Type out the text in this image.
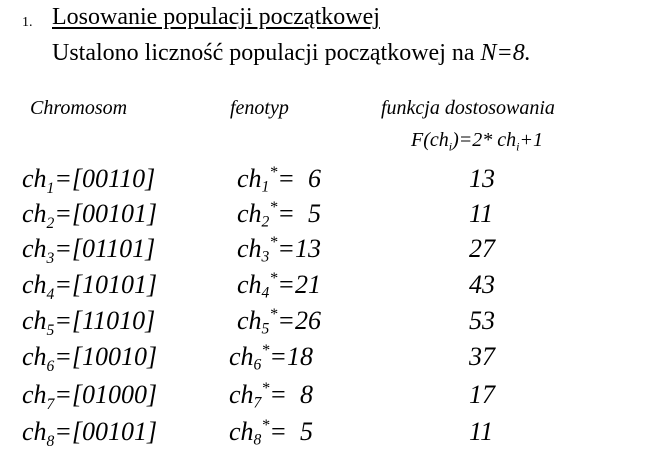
1. Losowanie populacji początkowej
Ustalono liczność populacji początkowej na N=8.
Chromosom	fenotyp	funkcja dostosowania
$F(ch_i)=2*$ $ch_i+1$
$ch_1=[00110]$	ch1*=  6	13
$ch_2=[00101]$	ch2*=  5	11
$ch_3=[01101]$	ch3*=13	27
$ch_4=[10101]$	ch4*=21	43
$ch_5=[11010]$	ch5*=26	53
$ch_6=[10010]$	ch6*=18	37
$ch_7=[01000]$	ch7*=  8	17
$ch_8=[00101]$	ch8*=  5	11
